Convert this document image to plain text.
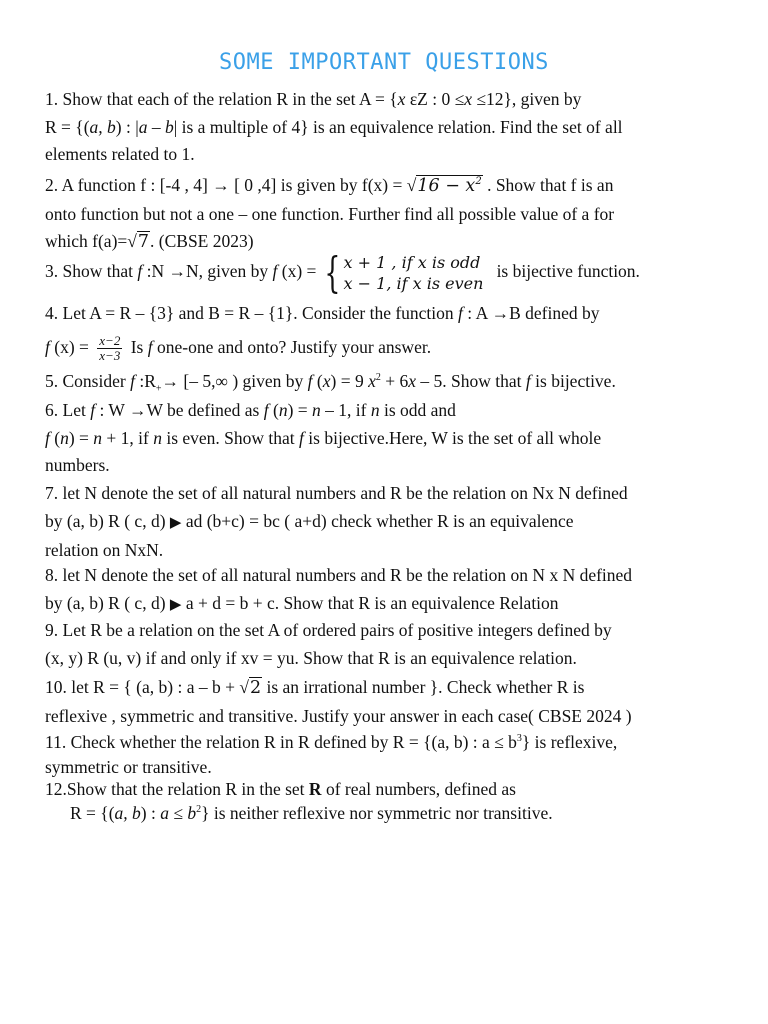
SOME IMPORTANT QUESTIONS
1. Show that each of the relation R in the set A = {x εZ : 0 ≤x ≤12}, given by
R = {(a, b) : |a – b| is a multiple of 4} is an equivalence relation. Find the set of all
elements related to 1.
2. A function f : [-4 , 4] → [ 0 ,4] is given by $f(x) = √16 - x^2$ . Show that f is an
onto function but not a one – one function. Further find all possible value of a for
which f(a)=√7. (CBSE 2023)
3. Show that f :N →N, given by f (x) = { x + 1 , if x is odd
x − 1, if x is even
is bijective function.
4. Let A = R – {3} and B = R – {1}. Consider the function f : A →B defined by
f $(x) = \frac{x-2}{x-3}$ Is f one-one and onto? Justify your answer.
5. Consider f $:R_+\to$ [– 5,∞ ) given by f (x) = 9 $x^2 + 6x - 5$. Show that f is bijective.
6. Let f : W →W be defined as f (n) = n – 1, if n is odd and
f (n) = n + 1, if n is even. Show that f is bijective.Here, W is the set of all whole
numbers.
7. let N denote the set of all natural numbers and R be the relation on Nx N defined
by (a, b) R ( c, d) ▶ ad (b+c) = bc ( a+d) check whether R is an equivalence
relation on NxN.
8. let N denote the set of all natural numbers and R be the relation on N x N defined
by (a, b) R ( c, d) ▶ a + d = b + c. Show that R is an equivalence Relation
9. Let R be a relation on the set A of ordered pairs of positive integers defined by
(x, y) R (u, v) if and only if xv = yu. Show that R is an equivalence relation.
10. let R = { (a, b) : a – b + √2 is an irrational number }. Check whether R is
reflexive , symmetric and transitive. Justify your answer in each case( CBSE 2024 )
11. Check whether the relation R in R defined by R = {(a, b) : $a \le b^3$} is reflexive,
symmetric or transitive.
12.Show that the relation R in the set R of real numbers, defined as
R = {(a, b) : $a \le b^2$} is neither reflexive nor symmetric nor transitive.
